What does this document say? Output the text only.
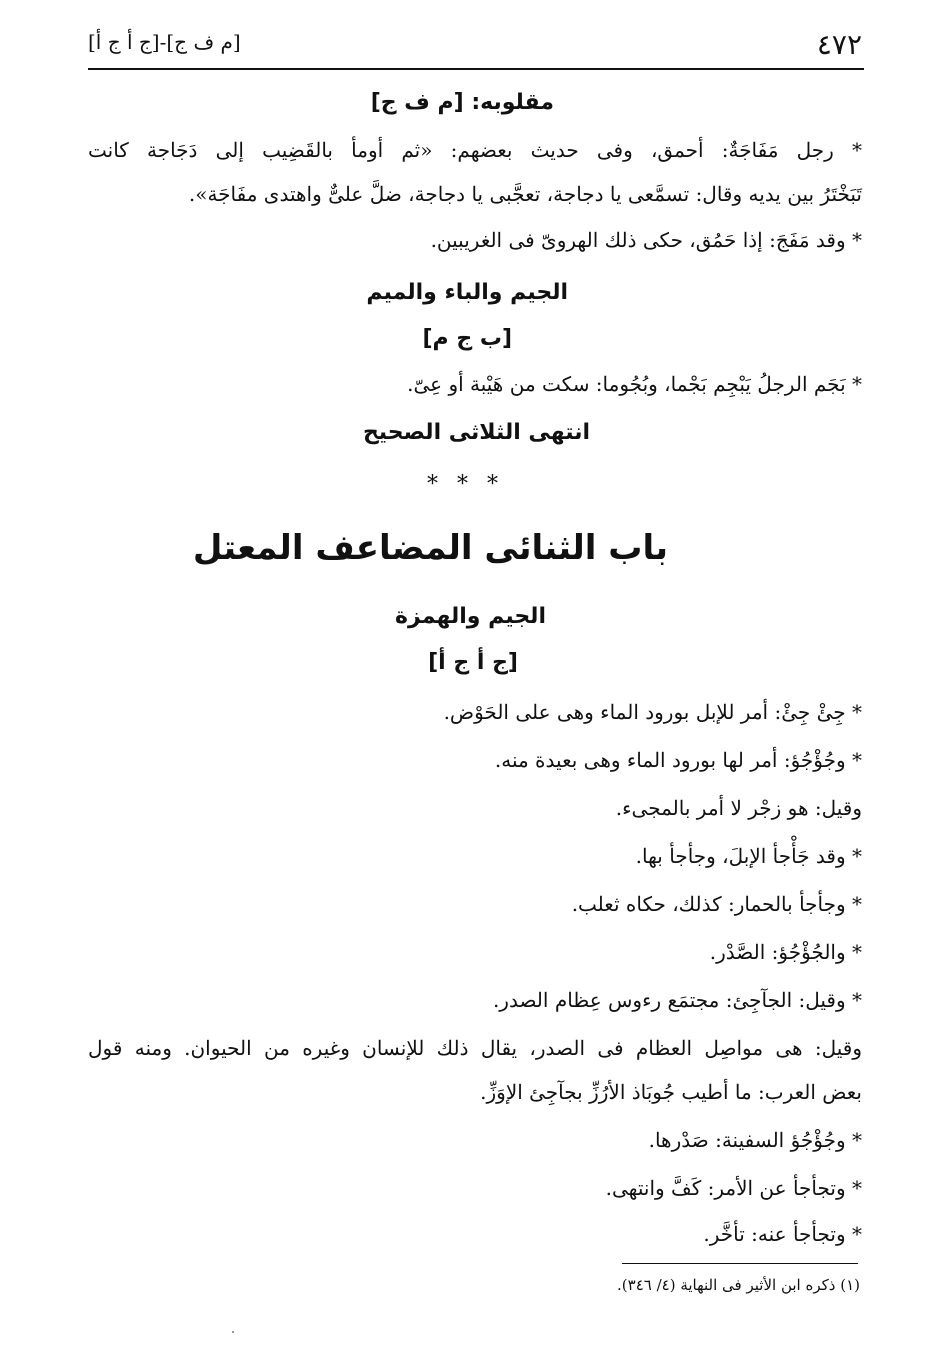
٤٧٢
[م ف ج]-[ج أ ج أ]
مقلوبه: [م ف ج]
* رجل مَفَاجَةٌ: أحمق، وفى حديث بعضهم: «ثم أومأ بالقَضِيب إلى دَجَاجة كانت
تَبَخْتَرُ بين يديه وقال: تسمَّعى يا دجاجة، تعجَّبى يا دجاجة، ضلَّ علىٌّ واهتدى مفَاجَة».
* وقد مَفَجَ: إذا حَمُق، حكى ذلك الهروىّ فى الغريبين.
الجيم والباء والميم
[ب ج م]
* بَجَم الرجلُ يَبْجِم بَجْما، وبُجُوما: سكت من هَيْبة أو عِىّ.
انتهى الثلاثى الصحيح
* * *
باب الثنائى المضاعف المعتل
الجيم والهمزة
[ج أ ج أ]
* جِئْ جِئْ: أمر للإبل بورود الماء وهى على الحَوْض.
* وجُؤْجُؤ: أمر لها بورود الماء وهى بعيدة منه.
وقيل: هو زجْر لا أمر بالمجىء.
* وقد جَأْجأ الإبلَ، وجأجأ بها.
* وجأجأ بالحمار: كذلك، حكاه ثعلب.
* والجُؤْجُؤ: الصَّدْر.
* وقيل: الجآجِئ: مجتمَع رءوس عِظام الصدر.
وقيل: هى مواصِل العظام فى الصدر، يقال ذلك للإنسان وغيره من الحيوان. ومنه قول
بعض العرب: ما أطيب جُوبَاذ الأرُزِّ بجآجِئ الإوَزِّ.
* وجُؤْجُؤ السفينة: صَدْرها.
* وتجأجأ عن الأمر: كَفَّ وانتهى.
* وتجأجأ عنه: تأخَّر.
(١) ذكره ابن الأثير فى النهاية (٤/ ٣٤٦).
